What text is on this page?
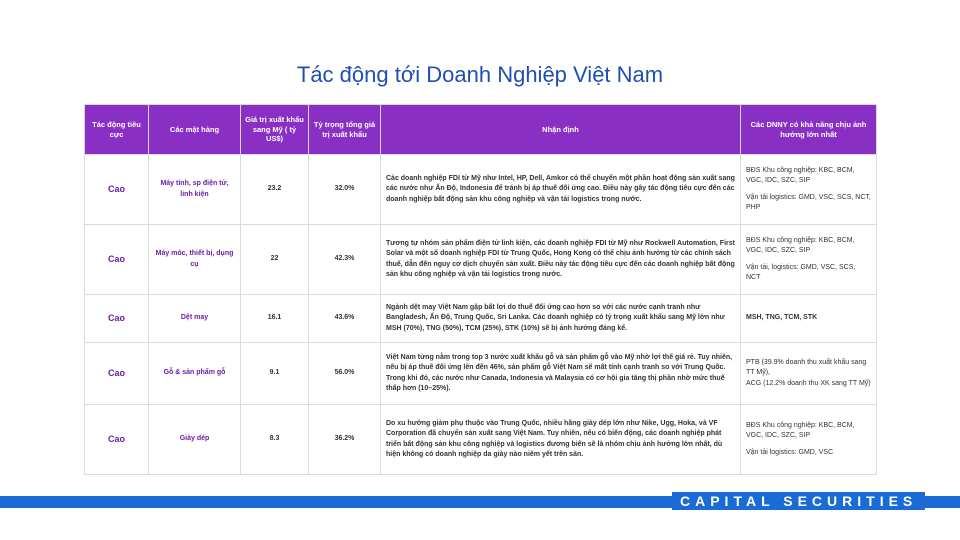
Tác động tới Doanh Nghiệp Việt Nam
Tác động tiêu cực	Các mặt hàng	Giá trị xuất khẩu sang Mỹ ( tỷ US$)	Tỷ trọng tổng giá trị xuất khẩu	Nhận định	Các DNNY có khả năng chịu ảnh hưởng lớn nhất
Cao	Máy tính, sp điện tử, linh kiện	23.2	32.0%	Các doanh nghiệp FDI từ Mỹ như Intel, HP, Dell, Amkor có thể chuyển một phần hoạt động sản xuất sang các nước như Ấn Độ, Indonesia để tránh bị áp thuế đối ứng cao. Điều này gây tác động tiêu cực đến các doanh nghiệp bất động sản khu công nghiệp và vận tải logistics trong nước.	BĐS Khu công nghiệp: KBC, BCM, VGC, IDC, SZC, SIP
Vận tải logistics: GMD, VSC, SCS, NCT, PHP

Cao	Máy móc, thiết bị, dụng cụ	22	42.3%	Tương tự nhóm sản phẩm điện tử linh kiện, các doanh nghiệp FDI từ Mỹ như Rockwell Automation, First Solar và một số doanh nghiệp FDI từ Trung Quốc, Hong Kong có thể chịu ảnh hưởng từ các chính sách thuế, dẫn đến nguy cơ dịch chuyển sản xuất. Điều này tác động tiêu cực đến các doanh nghiệp bất động sản khu công nghiệp và vận tải logistics trong nước.	BĐS Khu công nghiệp: KBC, BCM, VGC, IDC, SZC, SIP
Vận tải, logistics: GMD, VSC, SCS, NCT

Cao	Dệt may	16.1	43.6%	Ngành dệt may Việt Nam gặp bất lợi do thuế đối ứng cao hơn so với các nước cạnh tranh như Bangladesh, Ấn Độ, Trung Quốc, Sri Lanka. Các doanh nghiệp có tỷ trọng xuất khẩu sang Mỹ lớn như MSH (70%), TNG (50%), TCM (25%), STK (10%) sẽ bị ảnh hưởng đáng kể.	MSH, TNG, TCM, STK

Cao	Gỗ & sản phẩm gỗ	9.1	56.0%	Việt Nam từng nằm trong top 3 nước xuất khẩu gỗ và sản phẩm gỗ vào Mỹ nhờ lợi thế giá rẻ. Tuy nhiên, nếu bị áp thuế đối ứng lên đến 46%, sản phẩm gỗ Việt Nam sẽ mất tính cạnh tranh so với Trung Quốc. Trong khi đó, các nước như Canada, Indonesia và Malaysia có cơ hội gia tăng thị phần nhờ mức thuế thấp hơn (10–25%).	PTB (39.9% doanh thu xuất khẩu sang TT Mỹ),
ACG (12.2% doanh thu XK sang TT Mỹ)

Cao	Giày dép	8.3	36.2%	Do xu hướng giảm phụ thuộc vào Trung Quốc, nhiều hãng giày dép lớn như Nike, Ugg, Hoka, và VF Corporation đã chuyển sản xuất sang Việt Nam. Tuy nhiên, nếu có biến động, các doanh nghiệp phát triển bất động sản khu công nghiệp và logistics đương biến sẽ là nhóm chịu ảnh hưởng lớn nhất, dù hiện không có doanh nghiệp da giày nào niêm yết trên sàn.	BĐS Khu công nghiệp: KBC, BCM, VGC, IDC, SZC, SIP
Vận tải logistics: GMD, VSC
CAPITAL SECURITIES
